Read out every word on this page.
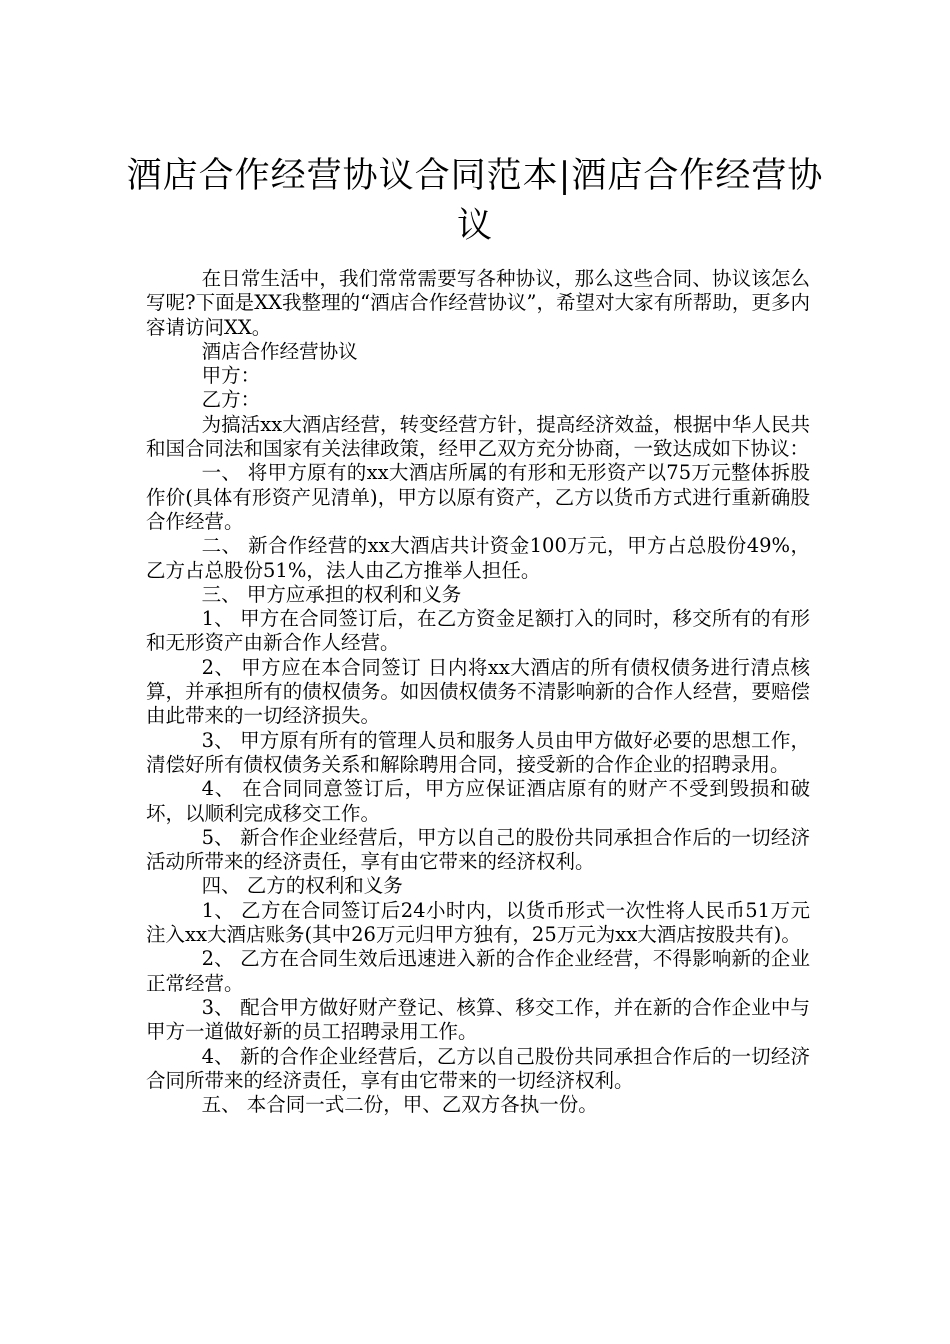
酒店合作经营协议合同范本|酒店合作经营协议

在日常生活中，我们常常需要写各种协议，那么这些合同、协议该怎么写呢?下面是XX我整理的“酒店合作经营协议”，希望对大家有所帮助，更多内容请访问XX。

酒店合作经营协议

甲方：

乙方：

为搞活xx大酒店经营，转变经营方针，提高经济效益，根据中华人民共和国合同法和国家有关法律政策，经甲乙双方充分协商，一致达成如下协议：

一、 将甲方原有的xx大酒店所属的有形和无形资产以75万元整体拆股作价(具体有形资产见清单)，甲方以原有资产，乙方以货币方式进行重新确股合作经营。

二、 新合作经营的xx大酒店共计资金100万元，甲方占总股份49%，乙方占总股份51%，法人由乙方推举人担任。

三、 甲方应承担的权利和义务

1、 甲方在合同签订后，在乙方资金足额打入的同时，移交所有的有形和无形资产由新合作人经营。

2、 甲方应在本合同签订 日内将xx大酒店的所有债权债务进行清点核算，并承担所有的债权债务。如因债权债务不清影响新的合作人经营，要赔偿由此带来的一切经济损失。

3、 甲方原有所有的管理人员和服务人员由甲方做好必要的思想工作，清偿好所有债权债务关系和解除聘用合同，接受新的合作企业的招聘录用。

4、 在合同同意签订后，甲方应保证酒店原有的财产不受到毁损和破坏，以顺利完成移交工作。

5、 新合作企业经营后，甲方以自己的股份共同承担合作后的一切经济活动所带来的经济责任，享有由它带来的经济权利。

四、 乙方的权利和义务

1、 乙方在合同签订后24小时内，以货币形式一次性将人民币51万元注入xx大酒店账务(其中26万元归甲方独有，25万元为xx大酒店按股共有)。

2、 乙方在合同生效后迅速进入新的合作企业经营，不得影响新的企业正常经营。

3、 配合甲方做好财产登记、核算、移交工作，并在新的合作企业中与甲方一道做好新的员工招聘录用工作。

4、 新的合作企业经营后，乙方以自己股份共同承担合作后的一切经济合同所带来的经济责任，享有由它带来的一切经济权利。

五、 本合同一式二份，甲、乙双方各执一份。
